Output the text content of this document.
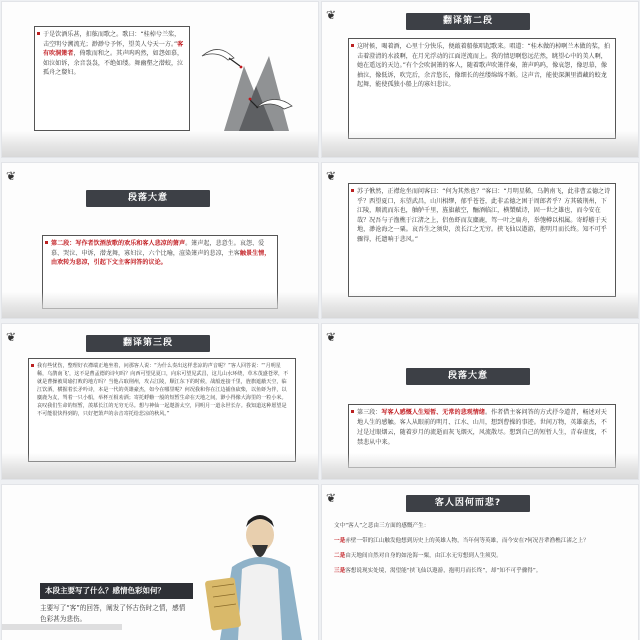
于是饮酒乐甚，扣舷而歌之。歌曰：“桂棹兮兰桨，击空明兮溯流光；渺渺兮予怀，望美人兮天一方。”客有吹洞箫者，倚歌而和之。其声呜呜然，如怨如慕，如泣如诉，余音袅袅，不绝如缕。舞幽壑之潜蛟，泣孤舟之嫠妇。
❦	翻译第二段
这时候，喝着酒，心里十分快乐，便敲着船舷唱起歌来。唱道：“桂木做的棹啊兰木做的桨，拍击着澄清的水波啊，在月光浮动的江面逆流而上。我的情思啊悠远茫然，眺望心中的美人啊，她在遥远的天边。”有个会吹洞箫的客人，随着歌声吹箫伴奏，箫声呜呜，像哀怨，像思慕，像抽泣，像低诉，吹完后，余音悠长，像细长的丝缕绵绵不断。这声音，能使深渊里潜藏的蛟龙起舞，能使孤独小船上的寡妇悲泣。
❦
段落大意
第二段：写作者饮酒放歌的欢乐和客人悲凉的箫声。箫声起，悲意生。哀怨、爱慕、哭泣、申诉，潜龙舞，寡妇泣，六个比喻，渲染箫声的悲凉，主客触景生情，由欢转为悲凉，引起下文主客问答的议论。
❦
苏子愀然，正襟危坐而问客曰：“何为其然也？”客曰：“月明星稀，乌鹊南飞，此非曹孟德之诗乎？西望夏口，东望武昌，山川相缪，郁乎苍苍，此非孟德之困于周郎者乎？方其破荆州，下江陵，顺流而东也，舳舻千里，旌旗蔽空，酾酒临江，横槊赋诗，固一世之雄也，而今安在哉？况吾与子渔樵于江渚之上，侣鱼虾而友麋鹿，驾一叶之扁舟，举匏樽以相属。寄蜉蝣于天地，渺沧海之一粟。哀吾生之须臾，羡长江之无穷。挟飞仙以遨游，抱明月而长终。知不可乎骤得，托遗响于悲风。”
❦	翻译第三段
我有些忧伤，整理好衣襟端正地坐着，问那客人说：“为什么奏出这样悲凉的声音呢？”客人回答说：“‘月明星稀，乌鹊南飞’，这不是曹孟德的诗句吗？向西可望见夏口，向东可望见武昌，这儿山水环绕，草木茂盛苍翠，不就是曹操被周瑜打败的地方吗？当他占取荆州，攻占江陵，顺江东下的时候，战船连接千里，旌旗遮蔽天空，临江饮酒，横握着长矛吟诗，本是一代的英雄豪杰，如今在哪里呢？何况我和你在江边捕鱼砍柴，以鱼虾为伴，以麋鹿为友，驾着一只小船，举杯互相劝酒；寄托蜉蝣一般的短暂生命在天地之间，渺小得像大海里的一粒小米。哀叹我们生命的短暂，羡慕长江的无穷无尽。想与神仙一起遨游太空，同明月一道永世长存。我知道这种愿望是不可能很快得到的，只好把箫声的余音寄托给悲凉的秋风。”
❦
段落大意
第三段：写客人感慨人生短暂、无常的悲观情绪。作者借主客问答的方式抒今道昔，畅述对天地人生的感触。客人从眼前的明月、江水、山川，想到曹操的事迹。世间万物，英雄豪杰，不过是过眼烟云，随着岁月的流逝而灰飞烟灭，风流散尽。想到自己的短暂人生，青春虚度，不禁悲从中来。
本段主要写了什么？感情色彩如何？
主要写了“客”的回答，阐发了怀古伤时之情，感情色彩甚为悲伤。
❦	客人因何而悲?
文中“客人”之悲由三方面的感慨产生：
一是赤壁一带的江山触发他想到历史上的英雄人物，当年何等英雄，而今安在?何况吾辈渔樵江渚之上？
二是由天地间自然对自身的如沧海一粟，由江水无穷想到人生须臾。
三是客想说现实处境，渴望能“挟飞仙以遨游，抱明月而长终”，却“知不可乎骤得”。
